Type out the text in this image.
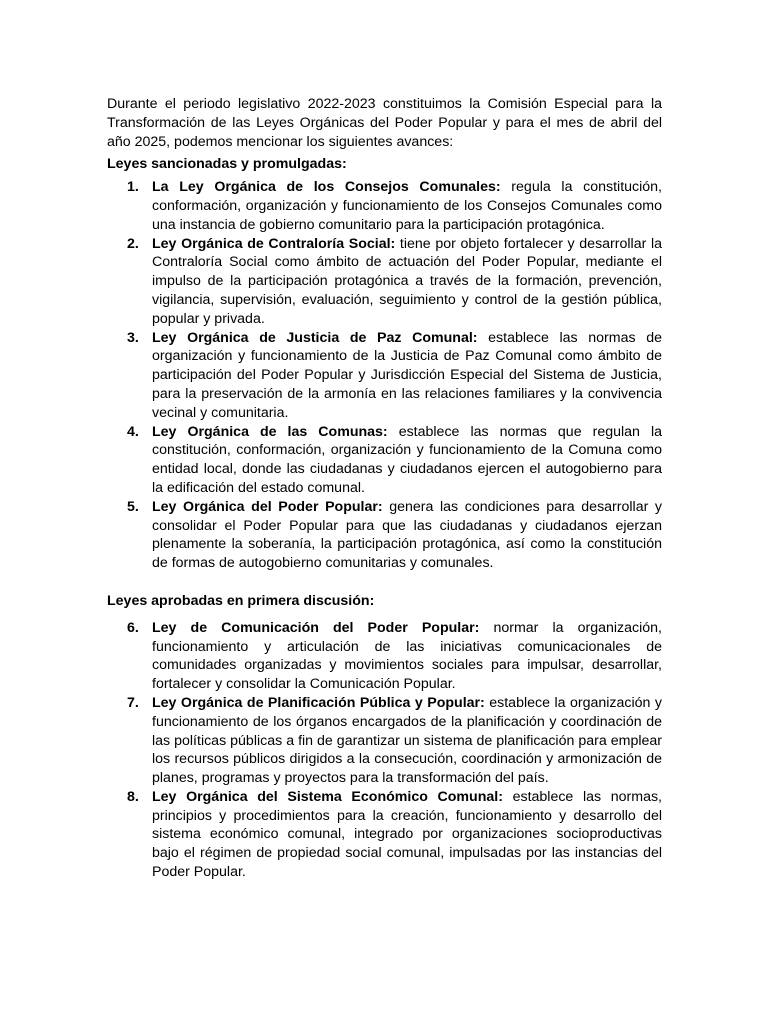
Durante el periodo legislativo 2022-2023 constituimos la Comisión Especial para la Transformación de las Leyes Orgánicas del Poder Popular y para el mes de abril del año 2025, podemos mencionar los siguientes avances:

Leyes sancionadas y promulgadas:

1. La Ley Orgánica de los Consejos Comunales: regula la constitución, conformación, organización y funcionamiento de los Consejos Comunales como una instancia de gobierno comunitario para la participación protagónica.
2. Ley Orgánica de Contraloría Social: tiene por objeto fortalecer y desarrollar la Contraloría Social como ámbito de actuación del Poder Popular, mediante el impulso de la participación protagónica a través de la formación, prevención, vigilancia, supervisión, evaluación, seguimiento y control de la gestión pública, popular y privada.
3. Ley Orgánica de Justicia de Paz Comunal: establece las normas de organización y funcionamiento de la Justicia de Paz Comunal como ámbito de participación del Poder Popular y Jurisdicción Especial del Sistema de Justicia, para la preservación de la armonía en las relaciones familiares y la convivencia vecinal y comunitaria.
4. Ley Orgánica de las Comunas: establece las normas que regulan la constitución, conformación, organización y funcionamiento de la Comuna como entidad local, donde las ciudadanas y ciudadanos ejercen el autogobierno para la edificación del estado comunal.
5. Ley Orgánica del Poder Popular: genera las condiciones para desarrollar y consolidar el Poder Popular para que las ciudadanas y ciudadanos ejerzan plenamente la soberanía, la participación protagónica, así como la constitución de formas de autogobierno comunitarias y comunales.

Leyes aprobadas en primera discusión:

6. Ley de Comunicación del Poder Popular: normar la organización, funcionamiento y articulación de las iniciativas comunicacionales de comunidades organizadas y movimientos sociales para impulsar, desarrollar, fortalecer y consolidar la Comunicación Popular.
7. Ley Orgánica de Planificación Pública y Popular: establece la organización y funcionamiento de los órganos encargados de la planificación y coordinación de las políticas públicas a fin de garantizar un sistema de planificación para emplear los recursos públicos dirigidos a la consecución, coordinación y armonización de planes, programas y proyectos para la transformación del país.
8. Ley Orgánica del Sistema Económico Comunal: establece las normas, principios y procedimientos para la creación, funcionamiento y desarrollo del sistema económico comunal, integrado por organizaciones socioproductivas bajo el régimen de propiedad social comunal, impulsadas por las instancias del Poder Popular.
